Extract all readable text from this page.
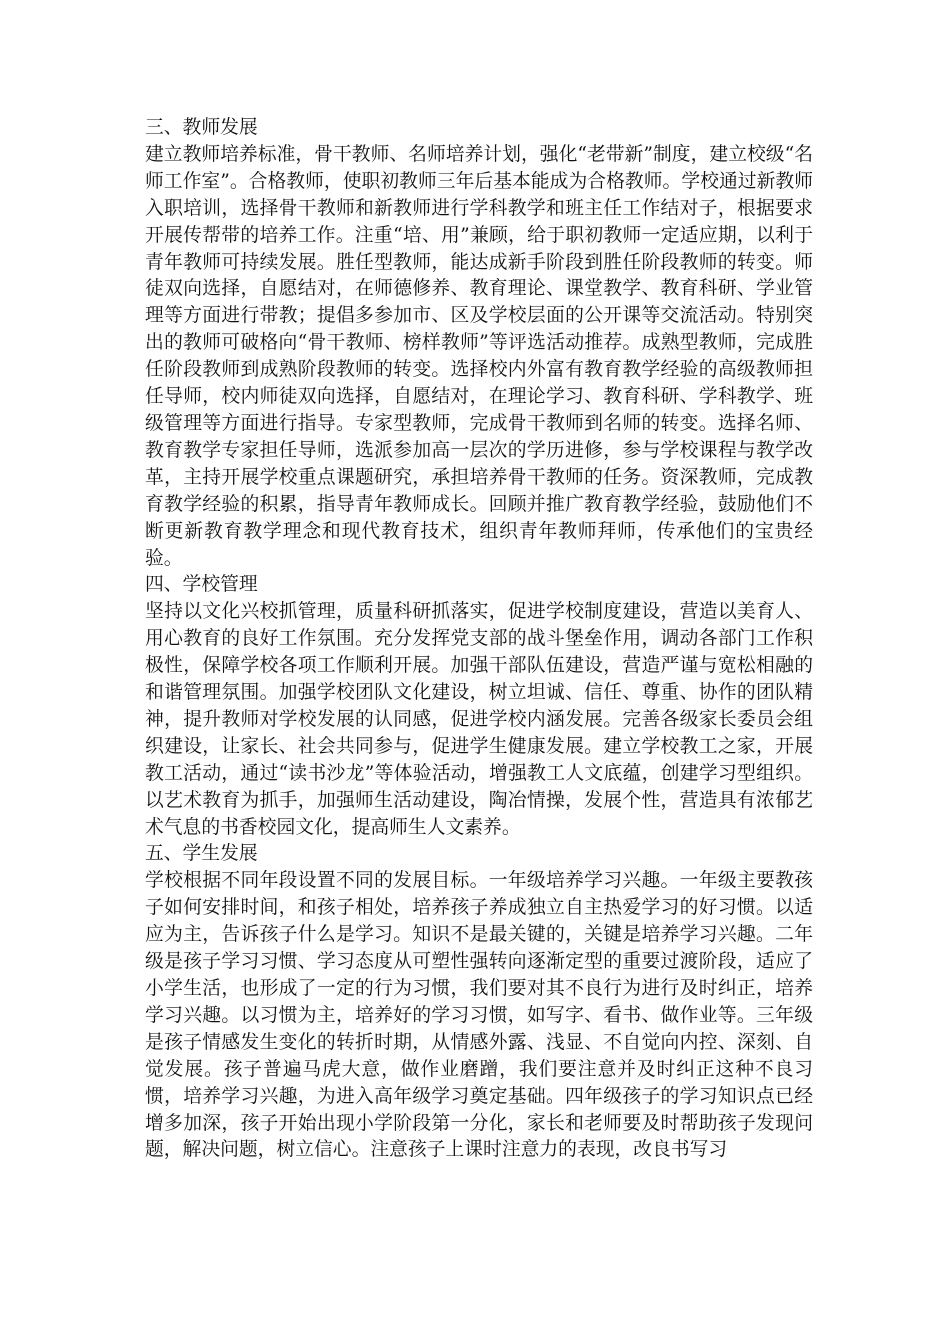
三、教师发展
建立教师培养标准，骨干教师、名师培养计划，强化“老带新”制度，建立校级“名师工作室”。合格教师，使职初教师三年后基本能成为合格教师。学校通过新教师入职培训，选择骨干教师和新教师进行学科教学和班主任工作结对子，根据要求开展传帮带的培养工作。注重“培、用”兼顾，给于职初教师一定适应期，以利于青年教师可持续发展。胜任型教师，能达成新手阶段到胜任阶段教师的转变。师徒双向选择，自愿结对，在师德修养、教育理论、课堂教学、教育科研、学业管理等方面进行带教；提倡多参加市、区及学校层面的公开课等交流活动。特别突出的教师可破格向“骨干教师、榜样教师”等评选活动推荐。成熟型教师，完成胜任阶段教师到成熟阶段教师的转变。选择校内外富有教育教学经验的高级教师担任导师，校内师徒双向选择，自愿结对，在理论学习、教育科研、学科教学、班级管理等方面进行指导。专家型教师，完成骨干教师到名师的转变。选择名师、教育教学专家担任导师，选派参加高一层次的学历进修，参与学校课程与教学改革，主持开展学校重点课题研究，承担培养骨干教师的任务。资深教师，完成教育教学经验的积累，指导青年教师成长。回顾并推广教育教学经验，鼓励他们不断更新教育教学理念和现代教育技术，组织青年教师拜师，传承他们的宝贵经验。
四、学校管理
坚持以文化兴校抓管理，质量科研抓落实，促进学校制度建设，营造以美育人、用心教育的良好工作氛围。充分发挥党支部的战斗堡垒作用，调动各部门工作积极性，保障学校各项工作顺利开展。加强干部队伍建设，营造严谨与宽松相融的和谐管理氛围。加强学校团队文化建设，树立坦诚、信任、尊重、协作的团队精神，提升教师对学校发展的认同感，促进学校内涵发展。完善各级家长委员会组织建设，让家长、社会共同参与，促进学生健康发展。建立学校教工之家，开展教工活动，通过“读书沙龙”等体验活动，增强教工人文底蕴，创建学习型组织。以艺术教育为抓手，加强师生活动建设，陶冶情操，发展个性，营造具有浓郁艺术气息的书香校园文化，提高师生人文素养。
五、学生发展
学校根据不同年段设置不同的发展目标。一年级培养学习兴趣。一年级主要教孩子如何安排时间，和孩子相处，培养孩子养成独立自主热爱学习的好习惯。以适应为主，告诉孩子什么是学习。知识不是最关键的，关键是培养学习兴趣。二年级是孩子学习习惯、学习态度从可塑性强转向逐渐定型的重要过渡阶段，适应了小学生活，也形成了一定的行为习惯，我们要对其不良行为进行及时纠正，培养学习兴趣。以习惯为主，培养好的学习习惯，如写字、看书、做作业等。三年级是孩子情感发生变化的转折时期，从情感外露、浅显、不自觉向内控、深刻、自觉发展。孩子普遍马虎大意，做作业磨蹭，我们要注意并及时纠正这种不良习惯，培养学习兴趣，为进入高年级学习奠定基础。四年级孩子的学习知识点已经增多加深，孩子开始出现小学阶段第一分化，家长和老师要及时帮助孩子发现问题，解决问题，树立信心。注意孩子上课时注意力的表现，改良书写习
